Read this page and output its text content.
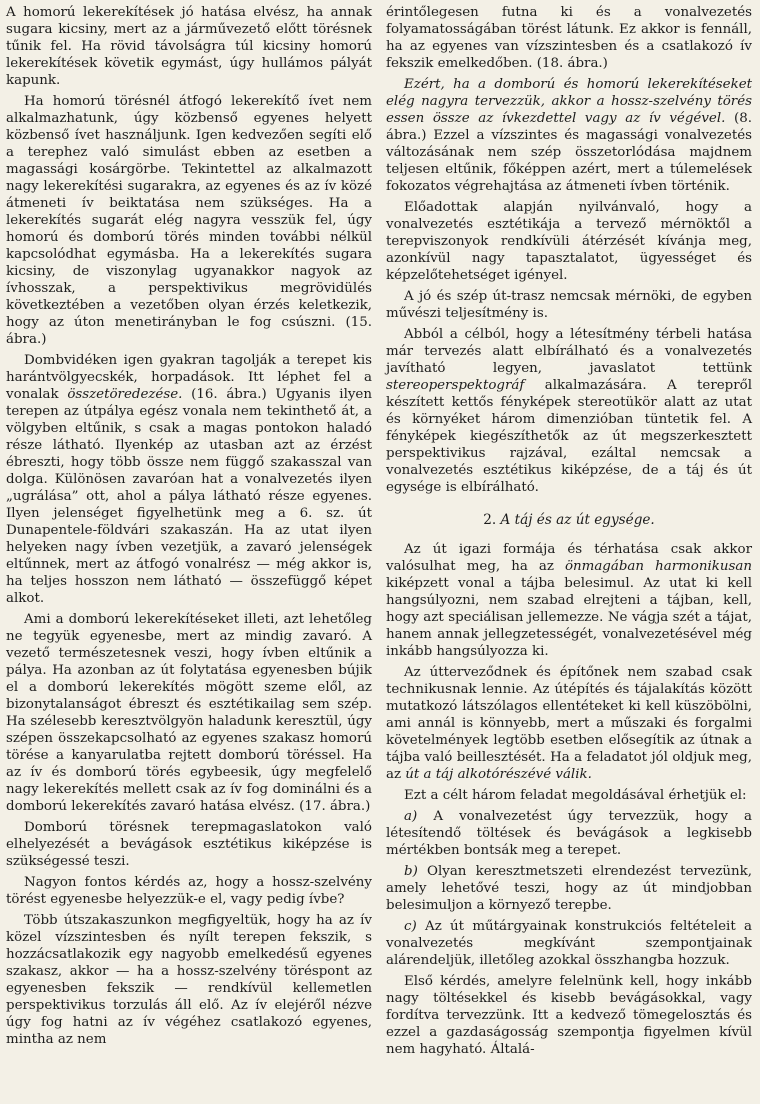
A homorú lekerekítések jó hatása elvész, ha annak sugara kicsiny, mert az a járművezető előtt törésnek tűnik fel. Ha rövid távolságra túl kicsiny homorú lekerekítések követik egymást, úgy hullámos pályát kapunk.

Ha homorú törésnél átfogó lekerekítő ívet nem alkalmazhatunk, úgy közbenső egyenes helyett közbenső ívet használjunk. Igen kedvezően segíti elő a terephez való simulást ebben az esetben a magassági kosárgörbe. Tekintettel az alkalmazott nagy lekerekítési sugarakra, az egyenes és az ív közé átmeneti ív beiktatása nem szükséges. Ha a lekerekítés sugarát elég nagyra vesszük fel, úgy homorú és domború törés minden további nélkül kapcsolódhat egymásba. Ha a lekerekítés sugara kicsiny, de viszonylag ugyanakkor nagyok az ívhosszak, a perspektivikus megrövidülés következtében a vezetőben olyan érzés keletkezik, hogy az úton menetirányban le fog csúszni. (15. ábra.)

Dombvidéken igen gyakran tagolják a terepet kis harántvölgyecskék, horpadások. Itt léphet fel a vonalak összetöredezése. (16. ábra.) Ugyanis ilyen terepen az útpálya egész vonala nem tekinthető át, a völgyben eltűnik, s csak a magas pontokon haladó része látható. Ilyenkép az utasban azt az érzést ébreszti, hogy több össze nem függő szakasszal van dolga. Különösen zavaróan hat a vonalvezetés ilyen „ugrálása” ott, ahol a pálya látható része egyenes. Ilyen jelenséget figyelhetünk meg a 6. sz. út Dunapentele-földvári szakaszán. Ha az utat ilyen helyeken nagy ívben vezetjük, a zavaró jelenségek eltűnnek, mert az átfogó vonalrész — még akkor is, ha teljes hosszon nem látható — összefüggő képet alkot.

Ami a domború lekerekítéseket illeti, azt lehetőleg ne tegyük egyenesbe, mert az mindig zavaró. A vezető természetesnek veszi, hogy ívben eltűnik a pálya. Ha azonban az út folytatása egyenesben bújik el a domború lekerekítés mögött szeme elől, az bizonytalanságot ébreszt és esztétikailag sem szép. Ha szélesebb keresztvölgyön haladunk keresztül, úgy szépen összekapcsolható az egyenes szakasz homorú törése a kanyarulatba rejtett domború töréssel. Ha az ív és domború törés egybeesik, úgy megfelelő nagy lekerekítés mellett csak az ív fog dominálni és a domború lekerekítés zavaró hatása elvész. (17. ábra.)

Domború törésnek terepmagaslatokon való elhelyezését a bevágások esztétikus kiképzése is szükségessé teszi.

Nagyon fontos kérdés az, hogy a hossz-szelvény törést egyenesbe helyezzük-e el, vagy pedig ívbe?

Több útszakaszunkon megfigyeltük, hogy ha az ív közel vízszintesben és nyílt terepen fekszik, s hozzácsatlakozik egy nagyobb emelkedésű egyenes szakasz, akkor — ha a hossz-szelvény töréspont az egyenesben fekszik — rendkívül kellemetlen perspektivikus torzulás áll elő. Az ív elejéről nézve úgy fog hatni az ív végéhez csatlakozó egyenes, mintha az nem

érintőlegesen futna ki és a vonalvezetés folyamatosságában törést látunk. Ez akkor is fennáll, ha az egyenes van vízszintesben és a csatlakozó ív fekszik emelkedőben. (18. ábra.)

Ezért, ha a domború és homorú lekerekítéseket elég nagyra tervezzük, akkor a hossz-szelvény törés essen össze az ívkezdettel vagy az ív végével. (8. ábra.) Ezzel a vízszintes és magassági vonalvezetés változásának nem szép összetorlódása majdnem teljesen eltűnik, főképpen azért, mert a túlemelések fokozatos végrehajtása az átmeneti ívben történik.

Előadottak alapján nyilvánvaló, hogy a vonalvezetés esztétikája a tervező mérnöktől a terepviszonyok rendkívüli átérzését kívánja meg, azonkívül nagy tapasztalatot, ügyességet és képzelőtehetséget igényel.

A jó és szép út-trasz nemcsak mérnöki, de egyben művészi teljesítmény is.

Abból a célból, hogy a létesítmény térbeli hatása már tervezés alatt elbírálható és a vonalvezetés javítható legyen, javaslatot tettünk stereoperspektográf alkalmazására. A terepről készített kettős fényképek stereotükör alatt az utat és környéket három dimenzióban tüntetik fel. A fényképek kiegészíthetők az út megszerkesztett perspektivikus rajzával, ezáltal nemcsak a vonalvezetés esztétikus kiképzése, de a táj és út egysége is elbírálható.

2. A táj és az út egysége.

Az út igazi formája és térhatása csak akkor valósulhat meg, ha az önmagában harmonikusan kiképzett vonal a tájba belesimul. Az utat ki kell hangsúlyozni, nem szabad elrejteni a tájban, kell, hogy azt speciálisan jellemezze. Ne vágja szét a tájat, hanem annak jellegzetességét, vonalvezetésével még inkább hangsúlyozza ki.

Az útterveződnek és építőnek nem szabad csak technikusnak lennie. Az útépítés és tájalakítás között mutatkozó látszólagos ellentéteket ki kell küszöbölni, ami annál is könnyebb, mert a műszaki és forgalmi követelmények legtöbb esetben elősegítik az útnak a tájba való beillesztését. Ha a feladatot jól oldjuk meg, az út a táj alkotórészévé válik.

Ezt a célt három feladat megoldásával érhetjük el:

a) A vonalvezetést úgy tervezzük, hogy a létesítendő töltések és bevágások a legkisebb mértékben bontsák meg a terepet.

b) Olyan keresztmetszeti elrendezést tervezünk, amely lehetővé teszi, hogy az út mindjobban belesimuljon a környező terepbe.

c) Az út műtárgyainak konstrukciós feltételeit a vonalvezetés megkívánt szempontjainak alárendeljük, illetőleg azokkal összhangba hozzuk.

Első kérdés, amelyre felelnünk kell, hogy inkább nagy töltésekkel és kisebb bevágásokkal, vagy fordítva tervezzünk. Itt a kedvező tömegelosztás és ezzel a gazdaságosság szempontja figyelmen kívül nem hagyható. Általá-
